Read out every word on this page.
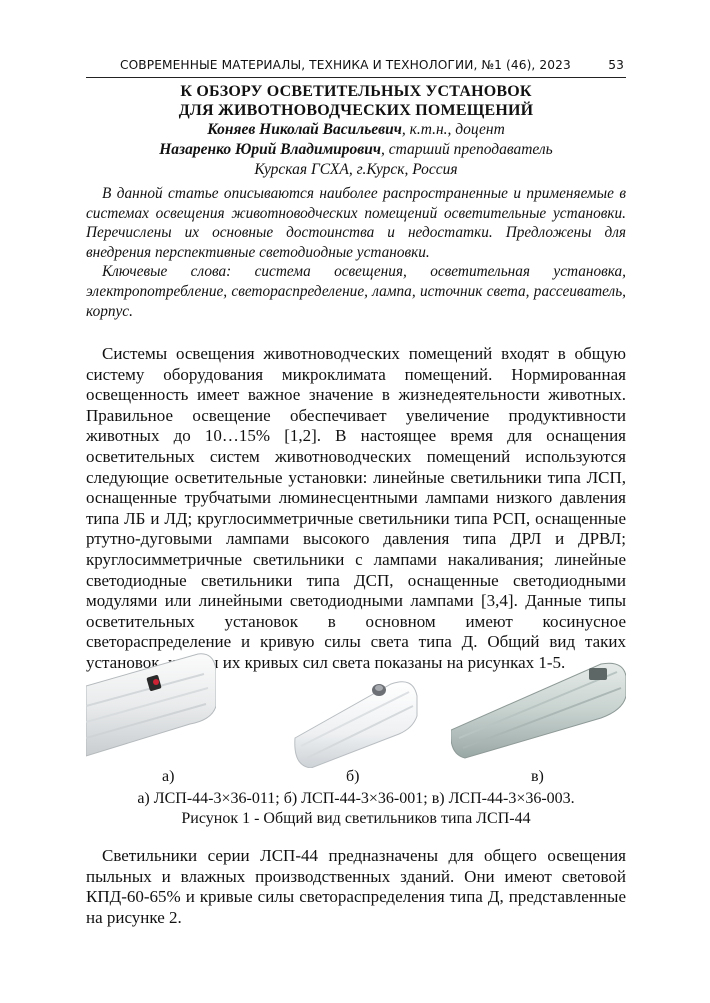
СОВРЕМЕННЫЕ МАТЕРИАЛЫ, ТЕХНИКА И ТЕХНОЛОГИИ, №1 (46), 2023	53
К ОБЗОРУ ОСВЕТИТЕЛЬНЫХ УСТАНОВОК
ДЛЯ ЖИВОТНОВОДЧЕСКИХ ПОМЕЩЕНИЙ
Коняев Николай Васильевич, к.т.н., доцент
Назаренко Юрий Владимирович, старший преподаватель
Курская ГСХА, г.Курск, Россия

В данной статье описываются наиболее распространенные и применяемые в системах освещения животноводческих помещений осветительные установки. Перечислены их основные достоинства и недостатки. Предложены для внедрения перспективные светодиодные установки.

Ключевые слова: система освещения, осветительная установка, электропотребление, светораспределение, лампа, источник света, рассеиватель, корпус.

Системы освещения животноводческих помещений входят в общую систему оборудования микроклимата помещений. Нормированная освещенность имеет важное значение в жизнедеятельности животных. Правильное освещение обеспечивает увеличение продуктивности животных до 10…15% [1,2]. В настоящее время для оснащения осветительных систем животноводческих помещений используются следующие осветительные установки: линейные светильники типа ЛСП, оснащенные трубчатыми люминесцентными лампами низкого давления типа ЛБ и ЛД; круглосимметричные светильники типа РСП, оснащенные ртутно-дуговыми лампами высокого давления типа ДРЛ и ДРВЛ; круглосимметричные светильники с лампами накаливания; линейные светодиодные светильники типа ДСП, оснащенные светодиодными модулями или линейными светодиодными лампами [3,4]. Данные типы осветительных установок в основном имеют косинусное светораспределение и кривую силы света типа Д. Общий вид таких установок, и виды их кривых сил света показаны на рисунках 1-5.

а)	б)	в)
а) ЛСП-44-3×36-011; б) ЛСП-44-3×36-001; в) ЛСП-44-3×36-003.
Рисунок 1 - Общий вид светильников типа ЛСП-44

Светильники серии ЛСП-44 предназначены для общего освещения пыльных и влажных производственных зданий. Они имеют световой КПД-60-65% и кривые силы светораспределения типа Д, представленные на рисунке 2.
